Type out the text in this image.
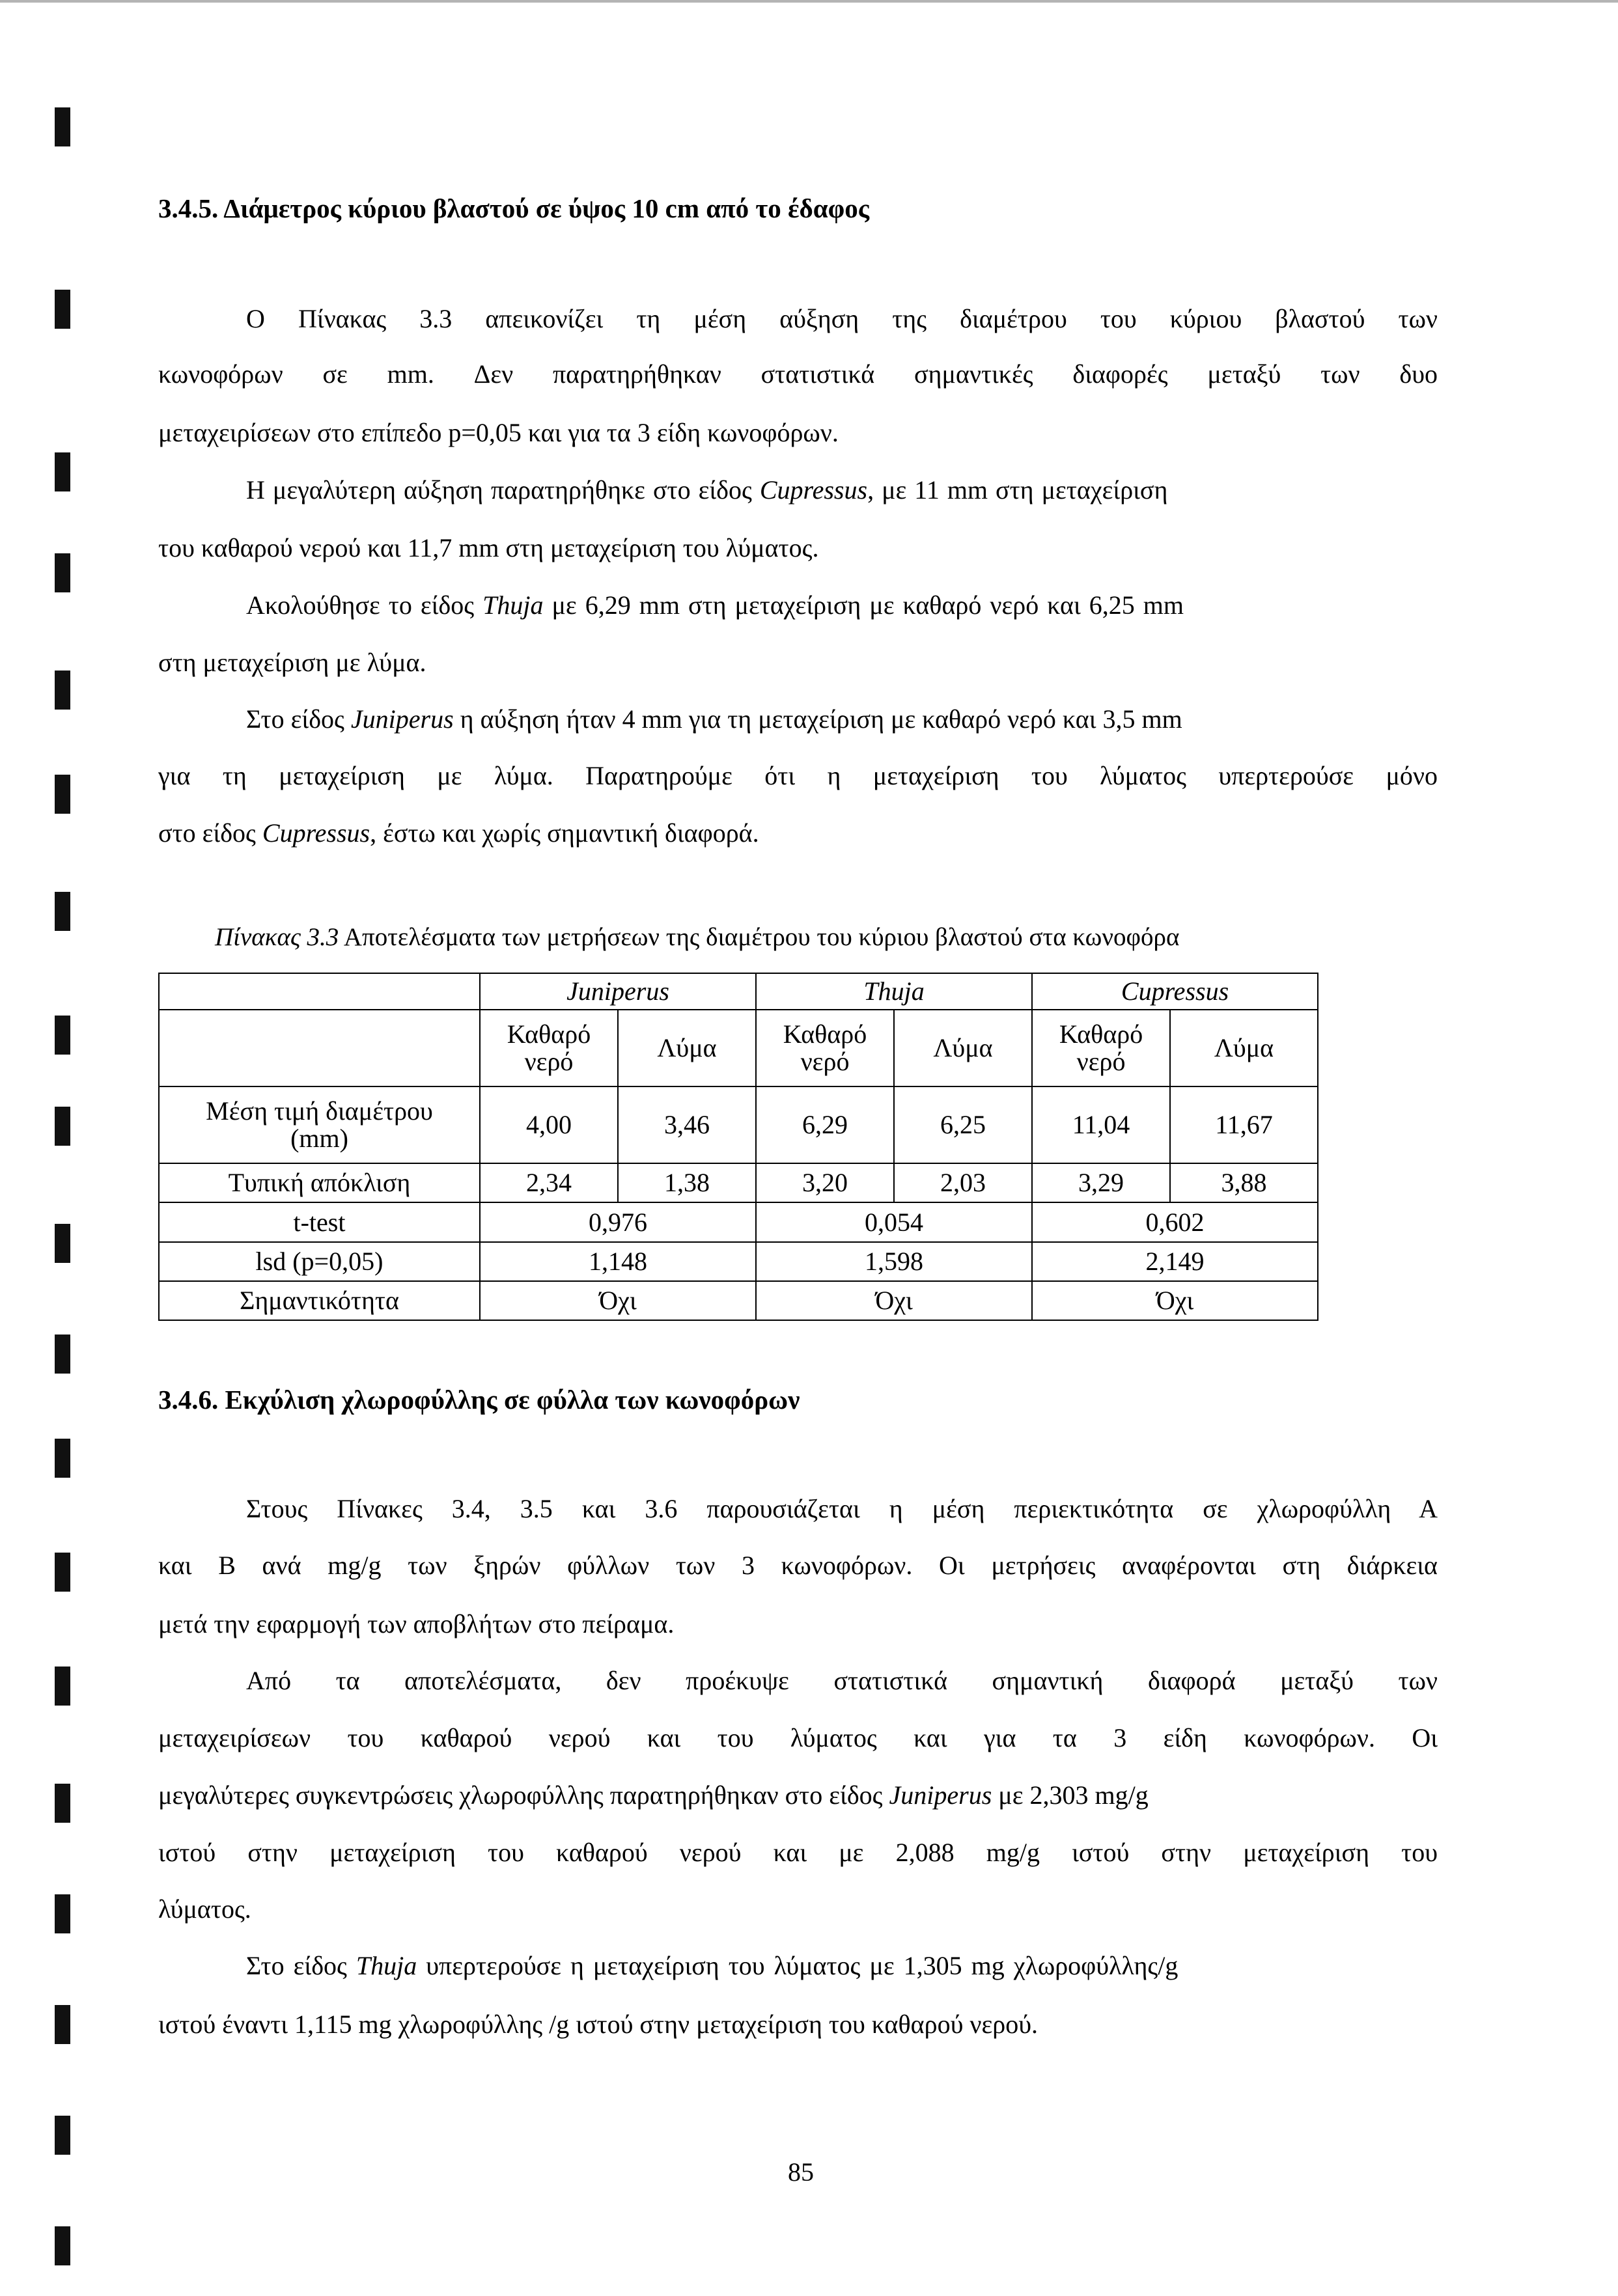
3.4.5. Διάμετρος κύριου βλαστού σε ύψος 10 cm από το έδαφος
Ο Πίνακας 3.3 απεικονίζει τη μέση αύξηση της διαμέτρου του κύριου βλαστού των
κωνοφόρων σε mm. Δεν παρατηρήθηκαν στατιστικά σημαντικές διαφορές μεταξύ των δυο
μεταχειρίσεων στο επίπεδο p=0,05 και για τα 3 είδη κωνοφόρων.
Η μεγαλύτερη αύξηση παρατηρήθηκε στο είδος Cupressus, με 11 mm στη μεταχείριση
του καθαρού νερού και 11,7 mm στη μεταχείριση του λύματος.
Ακολούθησε το είδος Thuja με 6,29 mm στη μεταχείριση με καθαρό νερό και 6,25 mm
στη μεταχείριση με λύμα.
Στο είδος Juniperus η αύξηση ήταν 4 mm για τη μεταχείριση με καθαρό νερό και 3,5 mm
για τη μεταχείριση με λύμα. Παρατηρούμε ότι η μεταχείριση του λύματος υπερτερούσε μόνο
στο είδος Cupressus, έστω και χωρίς σημαντική διαφορά.
Πίνακας 3.3 Αποτελέσματα των μετρήσεων της διαμέτρου του κύριου βλαστού στα κωνοφόρα
	Juniperus		Thuja		Cupressus	
	Καθαρό
νερό	Λύμα	Καθαρό
νερό	Λύμα	Καθαρό
νερό	Λύμα
Μέση τιμή διαμέτρου
(mm)	4,00	3,46	6,29	6,25	11,04	11,67
Τυπική απόκλιση	2,34	1,38	3,20	2,03	3,29	3,88
t-test	0,976		0,054		0,602	
lsd (p=0,05)	1,148		1,598		2,149	
Σημαντικότητα	Όχι		Όχι		Όχι	
3.4.6. Εκχύλιση χλωροφύλλης σε φύλλα των κωνοφόρων
Στους Πίνακες 3.4, 3.5 και 3.6 παρουσιάζεται η μέση περιεκτικότητα σε χλωροφύλλη Α
και Β ανά mg/g των ξηρών φύλλων των 3 κωνοφόρων. Οι μετρήσεις αναφέρονται στη διάρκεια
μετά την εφαρμογή των αποβλήτων στο πείραμα.
Από τα αποτελέσματα, δεν προέκυψε στατιστικά σημαντική διαφορά μεταξύ των
μεταχειρίσεων του καθαρού νερού και του λύματος και για τα 3 είδη κωνοφόρων. Οι
μεγαλύτερες συγκεντρώσεις χλωροφύλλης παρατηρήθηκαν στο είδος Juniperus με 2,303 mg/g
ιστού στην μεταχείριση του καθαρού νερού και με 2,088 mg/g ιστού στην μεταχείριση του
λύματος.
Στο είδος Thuja υπερτερούσε η μεταχείριση του λύματος με 1,305 mg χλωροφύλλης/g
ιστού έναντι 1,115 mg χλωροφύλλης /g ιστού στην μεταχείριση του καθαρού νερού.
85
